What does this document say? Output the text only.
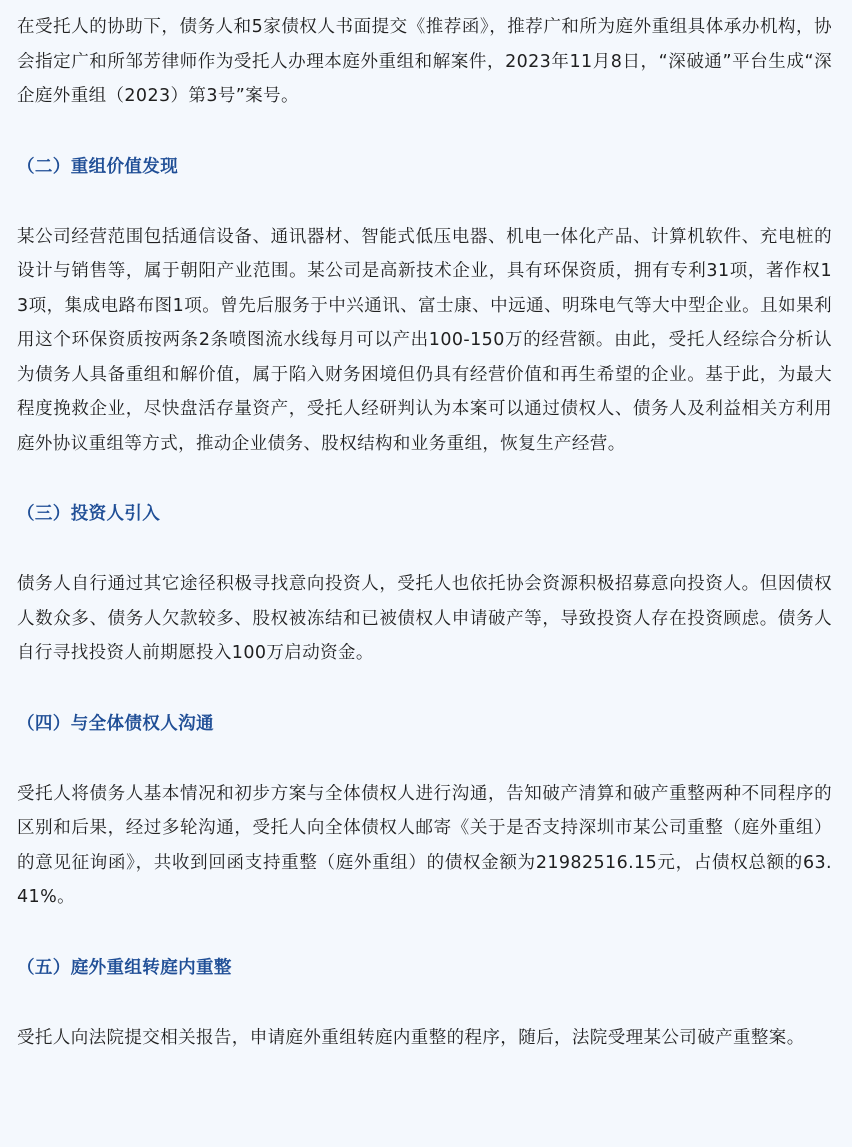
在受托人的协助下，债务人和5家债权人书面提交《推荐函》，推荐广和所为庭外重组具体承办机构，协会指定广和所邹芳律师作为受托人办理本庭外重组和解案件，2023年11月8日，“深破通”平台生成“深企庭外重组（2023）第3号”案号。

（二）重组价值发现

某公司经营范围包括通信设备、通讯器材、智能式低压电器、机电一体化产品、计算机软件、充电桩的设计与销售等，属于朝阳产业范围。某公司是高新技术企业，具有环保资质，拥有专利31项，著作权13项，集成电路布图1项。曾先后服务于中兴通讯、富士康、中远通、明珠电气等大中型企业。且如果利用这个环保资质按两条2条喷图流水线每月可以产出100-150万的经营额。由此，受托人经综合分析认为债务人具备重组和解价值，属于陷入财务困境但仍具有经营价值和再生希望的企业。基于此，为最大程度挽救企业，尽快盘活存量资产，受托人经研判认为本案可以通过债权人、债务人及利益相关方利用庭外协议重组等方式，推动企业债务、股权结构和业务重组，恢复生产经营。

（三）投资人引入

债务人自行通过其它途径积极寻找意向投资人，受托人也依托协会资源积极招募意向投资人。但因债权人数众多、债务人欠款较多、股权被冻结和已被债权人申请破产等，导致投资人存在投资顾虑。债务人自行寻找投资人前期愿投入100万启动资金。

（四）与全体债权人沟通

受托人将债务人基本情况和初步方案与全体债权人进行沟通，告知破产清算和破产重整两种不同程序的区别和后果，经过多轮沟通，受托人向全体债权人邮寄《关于是否支持深圳市某公司重整（庭外重组）的意见征询函》，共收到回函支持重整（庭外重组）的债权金额为21982516.15元，占债权总额的63.41%。

（五）庭外重组转庭内重整

受托人向法院提交相关报告，申请庭外重组转庭内重整的程序，随后，法院受理某公司破产重整案。
